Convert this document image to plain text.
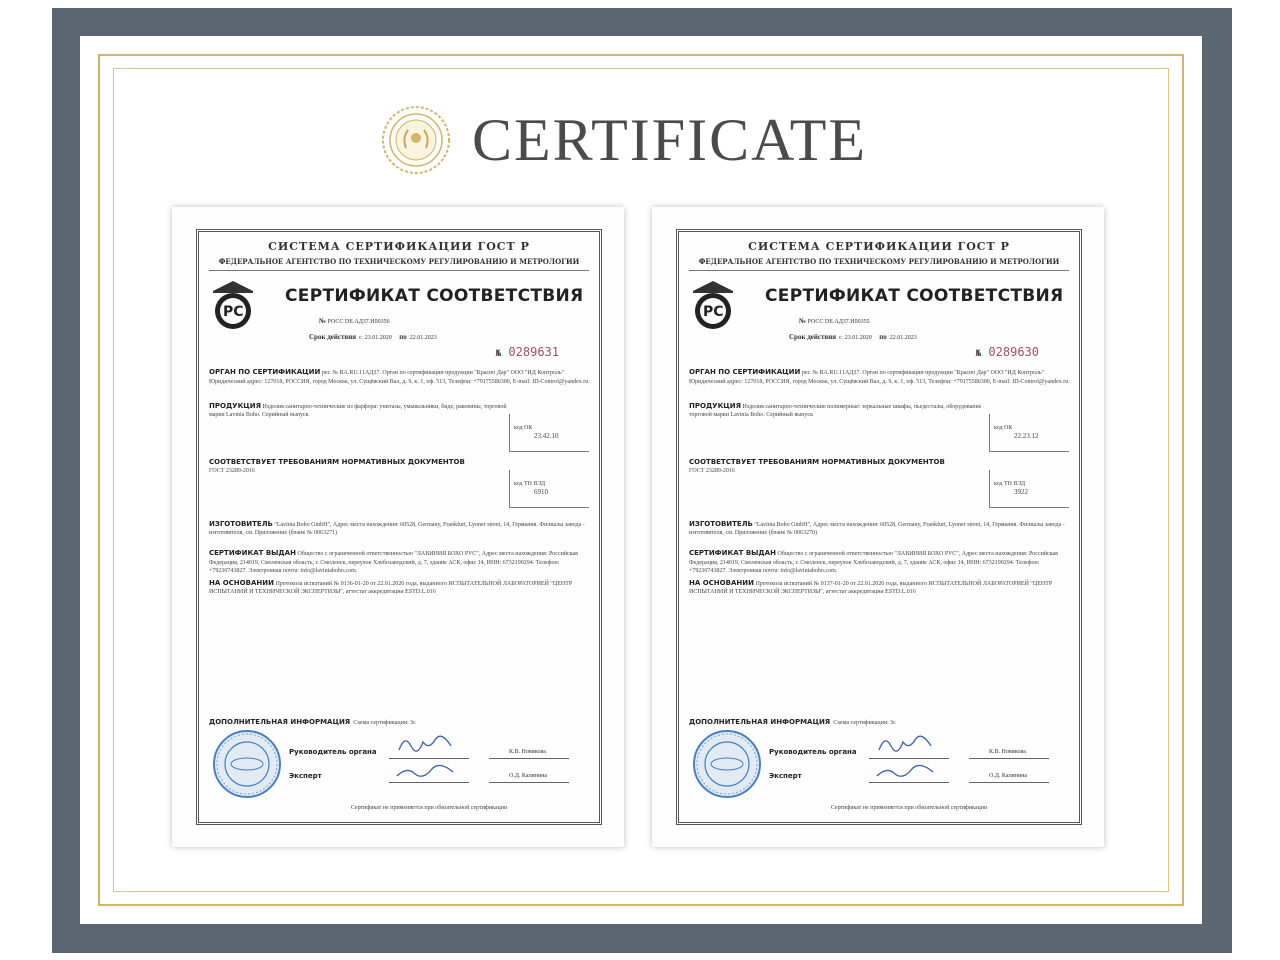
CERTIFICATE
СИСТЕМА СЕРТИФИКАЦИИ ГОСТ Р
ФЕДЕРАЛЬНОЕ АГЕНТСТВО ПО ТЕХНИЧЕСКОМУ РЕГУЛИРОВАНИЮ И МЕТРОЛОГИИ
PC
СЕРТИФИКАТ СООТВЕТСТВИЯ
№ РОСС DE.АД37.Н00356
Срок действия с 23.01.2020 по 22.01.2023
№ 0289631
ОРГАН ПО СЕРТИФИКАЦИИ рег. № RA.RU.11АД37. Орган по сертификации продукции "Красно Дар" ООО "ИД Контроль" Юридический адрес: 127018, РОССИЯ, город Москва, ул. Сущёвский Вал, д. 9, к. 1, оф. 513, Телефон: +79175586300, E-mail: ID-Control@yandex.ru
ПРОДУКЦИЯ Изделия санитарно-технические из фарфора: унитазы, умывальники, биде, раковины, торговой марки Lavinia Boho. Серийный выпуск
код ОК
23.42.10
СООТВЕТСТВУЕТ ТРЕБОВАНИЯМ НОРМАТИВНЫХ ДОКУМЕНТОВ
ГОСТ 23289-2016
код ТН ВЭД
6910
ИЗГОТОВИТЕЛЬ "Lavinia Boho GmbH", Адрес места нахождения: 60528, Germany, Frankfurt, Lyoner street, 14, Германия. Филиалы завода - изготовителя, см. Приложение (бланк № 0063271)
СЕРТИФИКАТ ВЫДАН Общество с ограниченной ответственностью "ЛАВИНИЯ БОХО РУС", Адрес места нахождения: Российская Федерация, 214019, Смоленская область, г. Смоленск, переулок Хлебозаводский, д. 7, здание АСК, офис 14, ИНН: 6732190294. Телефон: +79230743827. Электронная почта: info@laviniaboho.com.
НА ОСНОВАНИИ Протокола испытаний № 0136-01-20 от 22.01.2020 года, выданного ИСПЫТАТЕЛЬНОЙ ЛАБОРАТОРИЕЙ "ЦЕНТР ИСПЫТАНИЙ И ТЕХНИЧЕСКОЙ ЭКСПЕРТИЗЫ", аттестат аккредитации ESTD.L.016
ДОПОЛНИТЕЛЬНАЯ ИНФОРМАЦИЯ Схема сертификации: 3с
Руководитель органа	К.В. Новикова
Эксперт	О.Д. Калинина
Сертификат не применяется при обязательной сертификации
СИСТЕМА СЕРТИФИКАЦИИ ГОСТ Р
ФЕДЕРАЛЬНОЕ АГЕНТСТВО ПО ТЕХНИЧЕСКОМУ РЕГУЛИРОВАНИЮ И МЕТРОЛОГИИ
PC
СЕРТИФИКАТ СООТВЕТСТВИЯ
№ РОСС DE.АД37.Н00355
Срок действия с 23.01.2020 по 22.01.2023
№ 0289630
ОРГАН ПО СЕРТИФИКАЦИИ рег. № RA.RU.11АД37. Орган по сертификации продукции "Красно Дар" ООО "ИД Контроль" Юридический адрес: 127018, РОССИЯ, город Москва, ул. Сущёвский Вал, д. 9, к. 1, оф. 513, Телефон: +79175586300, E-mail: ID-Control@yandex.ru
ПРОДУКЦИЯ Изделия санитарно-технические полимерные: зеркальные шкафы, пьедесталы, оборудование торговой марки Lavinia Boho. Серийный выпуск
код ОК
22.23.12
СООТВЕТСТВУЕТ ТРЕБОВАНИЯМ НОРМАТИВНЫХ ДОКУМЕНТОВ
ГОСТ 23289-2016
код ТН ВЭД
3922
ИЗГОТОВИТЕЛЬ "Lavinia Boho GmbH", Адрес места нахождения: 60528, Germany, Frankfurt, Lyoner street, 14, Германия. Филиалы завода - изготовителя, см. Приложение (бланк № 0063270)
СЕРТИФИКАТ ВЫДАН Общество с ограниченной ответственностью "ЛАВИНИЯ БОХО РУС", Адрес места нахождения: Российская Федерация, 214019, Смоленская область, г. Смоленск, переулок Хлебозаводский, д. 7, здание АСК, офис 14, ИНН: 6732190294. Телефон: +79230743827. Электронная почта: info@laviniaboho.com.
НА ОСНОВАНИИ Протокола испытаний № 0137-01-20 от 22.01.2020 года, выданного ИСПЫТАТЕЛЬНОЙ ЛАБОРАТОРИЕЙ "ЦЕНТР ИСПЫТАНИЙ И ТЕХНИЧЕСКОЙ ЭКСПЕРТИЗЫ", аттестат аккредитации ESTD.L.016
ДОПОЛНИТЕЛЬНАЯ ИНФОРМАЦИЯ Схема сертификации: 3с
Руководитель органа	К.В. Новикова
Эксперт	О.Д. Калинина
Сертификат не применяется при обязательной сертификации
